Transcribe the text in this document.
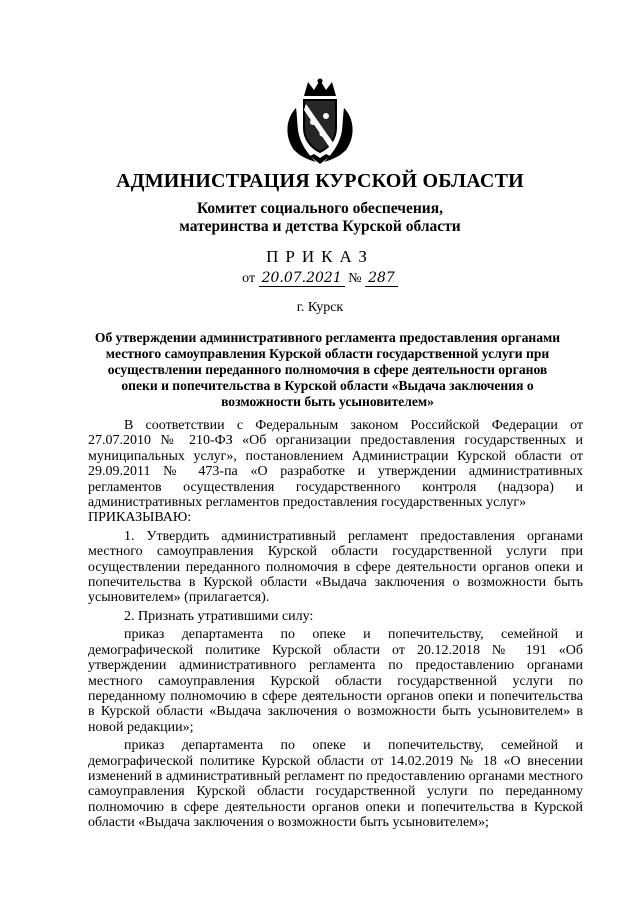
АДМИНИСТРАЦИЯ КУРСКОЙ ОБЛАСТИ
Комитет социального обеспечения,
материнства и детства Курской области
ПРИКАЗ
от 20.07.2021 № 287
г. Курск
Об утверждении административного регламента предоставления органами местного самоуправления Курской области государственной услуги при осуществлении переданного полномочия в сфере деятельности органов опеки и попечительства в Курской области «Выдача заключения о возможности быть усыновителем»

В соответствии с Федеральным законом Российской Федерации от 27.07.2010 № 210-ФЗ «Об организации предоставления государственных и муниципальных услуг», постановлением Администрации Курской области от 29.09.2011 № 473-па «О разработке и утверждении административных регламентов осуществления государственного контроля (надзора) и административных регламентов предоставления государственных услуг»

ПРИКАЗЫВАЮ:

1. Утвердить административный регламент предоставления органами местного самоуправления Курской области государственной услуги при осуществлении переданного полномочия в сфере деятельности органов опеки и попечительства в Курской области «Выдача заключения о возможности быть усыновителем» (прилагается).

2. Признать утратившими силу:

приказ департамента по опеке и попечительству, семейной и демографической политике Курской области от 20.12.2018 № 191 «Об утверждении административного регламента по предоставлению органами местного самоуправления Курской области государственной услуги по переданному полномочию в сфере деятельности органов опеки и попечительства в Курской области «Выдача заключения о возможности быть усыновителем» в новой редакции»;

приказ департамента по опеке и попечительству, семейной и демографической политике Курской области от 14.02.2019 № 18 «О внесении изменений в административный регламент по предоставлению органами местного самоуправления Курской области государственной услуги по переданному полномочию в сфере деятельности органов опеки и попечительства в Курской области «Выдача заключения о возможности быть усыновителем»;
